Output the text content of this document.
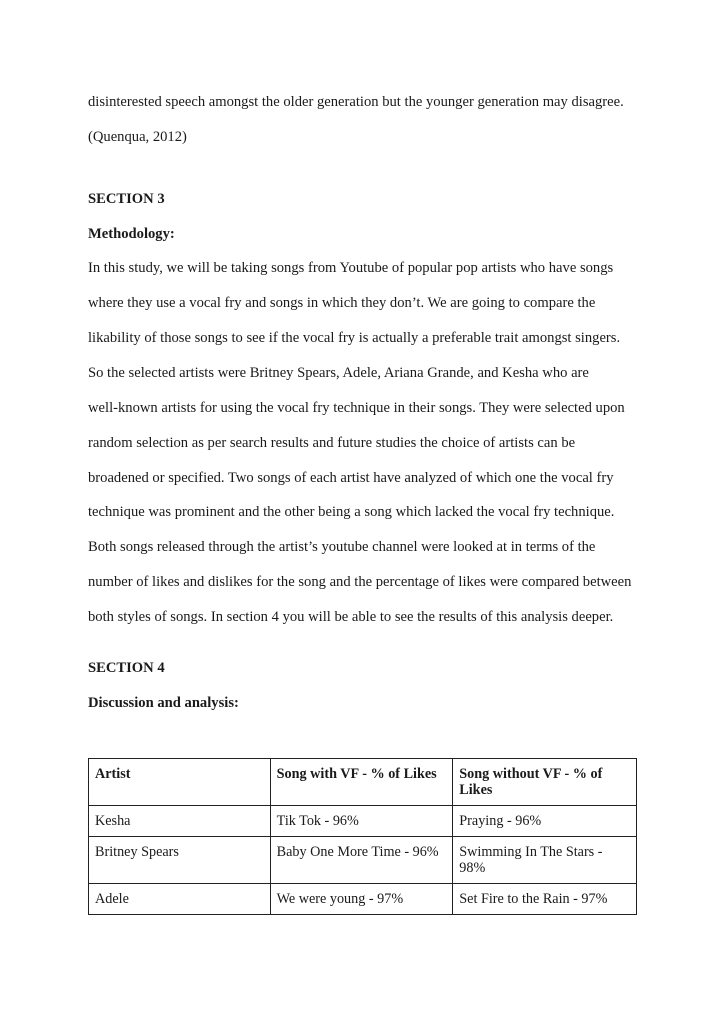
disinterested speech amongst the older generation but the younger generation may disagree.
(Quenqua, 2012)
SECTION 3
Methodology:
In this study, we will be taking songs from Youtube of popular pop artists who have songs
where they use a vocal fry and songs in which they don’t. We are going to compare the
likability of those songs to see if the vocal fry is actually a preferable trait amongst singers.
So the selected artists were Britney Spears, Adele, Ariana Grande, and Kesha who are
well-known artists for using the vocal fry technique in their songs. They were selected upon
random selection as per search results and future studies the choice of artists can be
broadened or specified. Two songs of each artist have analyzed of which one the vocal fry
technique was prominent and the other being a song which lacked the vocal fry technique.
Both songs released through the artist’s youtube channel were looked at in terms of the
number of likes and dislikes for the song and the percentage of likes were compared between
both styles of songs. In section 4 you will be able to see the results of this analysis deeper.
SECTION 4
Discussion and analysis:
Artist	Song with VF - % of Likes	Song without VF - % of Likes
Kesha	Tik Tok - 96%	Praying - 96%
Britney Spears	Baby One More Time - 96%	Swimming In The Stars - 98%
Adele	We were young - 97%	Set Fire to the Rain - 97%
